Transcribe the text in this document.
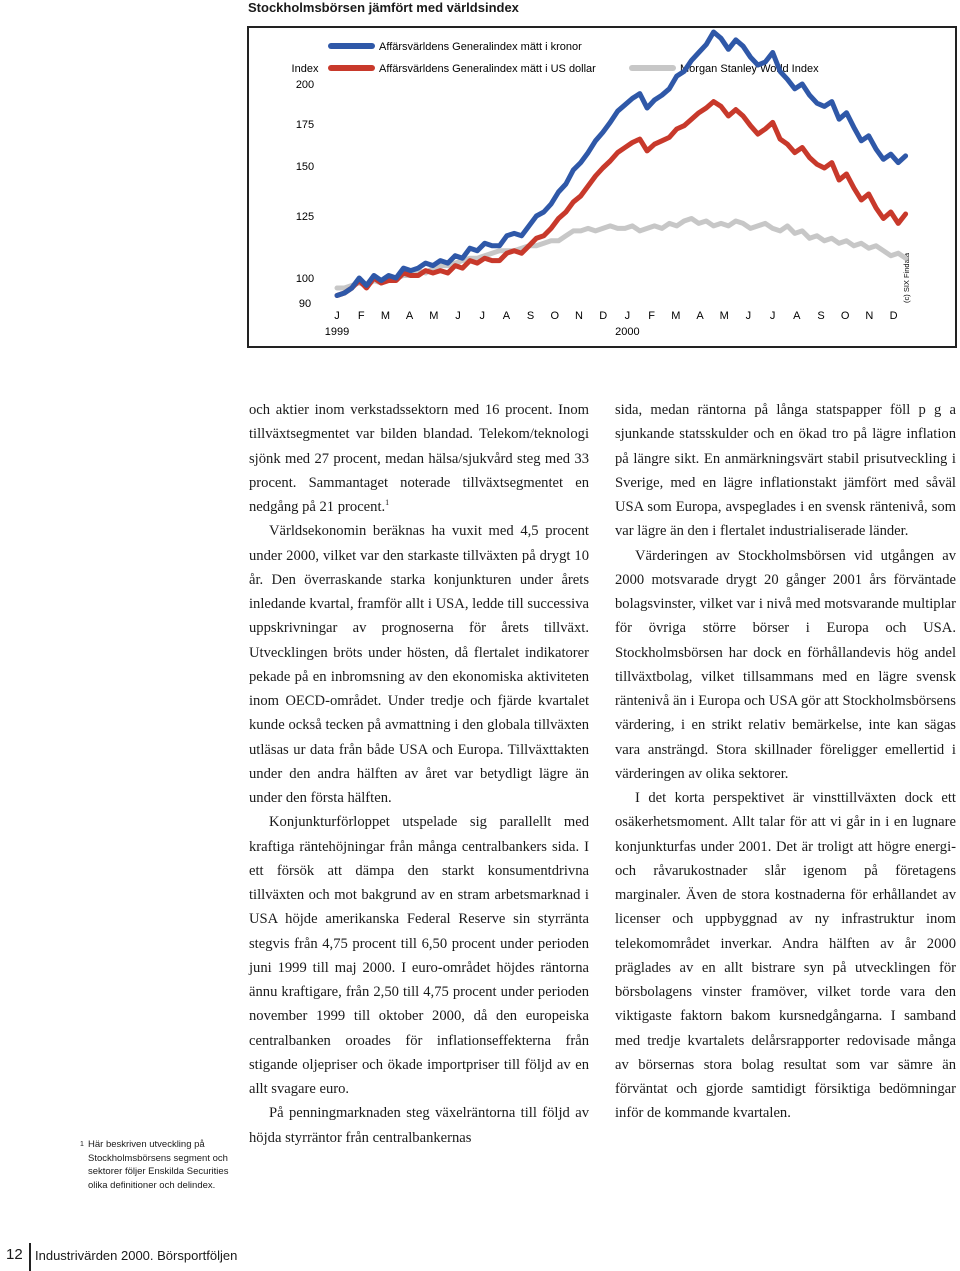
Stockholmsbörsen jämfört med världsindex
Index
200
175
150
125
100
90
J F M A M J J A S O N D J F M A M J J A S O N D
1999	2000
(c) SIX Findata
Affärsvärldens Generalindex mätt i kronor
Affärsvärldens Generalindex mätt i US dollar	Morgan Stanley World Index

och aktier inom verkstadssektorn med 16 procent. Inom tillväxtsegmentet var bilden blandad. Telekom/teknologi sjönk med 27 procent, medan hälsa/sjukvård steg med 33 procent. Sammantaget noterade tillväxtsegmentet en nedgång på 21 procent.$^1$

Världsekonomin beräknas ha vuxit med 4,5 procent under 2000, vilket var den starkaste tillväxten på drygt 10 år. Den överraskande starka konjunkturen under årets inledande kvartal, framför allt i USA, ledde till successiva uppskrivningar av prognoserna för årets tillväxt. Utvecklingen bröts under hösten, då flertalet indikatorer pekade på en inbromsning av den ekonomiska aktiviteten inom OECD-området. Under tredje och fjärde kvartalet kunde också tecken på avmattning i den globala tillväxten utläsas ur data från både USA och Europa. Tillväxttakten under den andra hälften av året var betydligt lägre än under den första hälften.

Konjunkturförloppet utspelade sig parallellt med kraftiga räntehöjningar från många centralbankers sida. I ett försök att dämpa den starkt konsumentdrivna tillväxten och mot bakgrund av en stram arbetsmarknad i USA höjde amerikanska Federal Reserve sin styrränta stegvis från 4,75 procent till 6,50 procent under perioden juni 1999 till maj 2000. I euro-området höjdes räntorna ännu kraftigare, från 2,50 till 4,75 procent under perioden november 1999 till oktober 2000, då den europeiska centralbanken oroades för inflationseffekterna från stigande oljepriser och ökade importpriser till följd av en allt svagare euro.

På penningmarknaden steg växelräntorna till följd av höjda styrräntor från centralbankernas

sida, medan räntorna på långa statspapper föll p g a sjunkande statsskulder och en ökad tro på lägre inflation på längre sikt. En anmärkningsvärt stabil prisutveckling i Sverige, med en lägre inflationstakt jämfört med såväl USA som Europa, avspeglades i en svensk räntenivå, som var lägre än den i flertalet industrialiserade länder.

Värderingen av Stockholmsbörsen vid utgången av 2000 motsvarade drygt 20 gånger 2001 års förväntade bolagsvinster, vilket var i nivå med motsvarande multiplar för övriga större börser i Europa och USA. Stockholmsbörsen har dock en förhållandevis hög andel tillväxtbolag, vilket tillsammans med en lägre svensk räntenivå än i Europa och USA gör att Stockholmsbörsens värdering, i en strikt relativ bemärkelse, inte kan sägas vara ansträngd. Stora skillnader föreligger emellertid i värderingen av olika sektorer.

I det korta perspektivet är vinsttillväxten dock ett osäkerhetsmoment. Allt talar för att vi går in i en lugnare konjunkturfas under 2001. Det är troligt att högre energi- och råvarukostnader slår igenom på företagens marginaler. Även de stora kostnaderna för erhållandet av licenser och uppbyggnad av ny infrastruktur inom telekomområdet inverkar. Andra hälften av år 2000 präglades av en allt bistrare syn på utvecklingen för börsbolagens vinster framöver, vilket torde vara den viktigaste faktorn bakom kursnedgångarna. I samband med tredje kvartalets delårsrapporter redovisade många av börsernas stora bolag resultat som var sämre än förväntat och gjorde samtidigt försiktiga bedömningar inför de kommande kvartalen.

1 Här beskriven utveckling på Stockholmsbörsens segment och sektorer följer Enskilda Securities olika definitioner och delindex.
12 Industrivärden 2000. Börsportföljen
